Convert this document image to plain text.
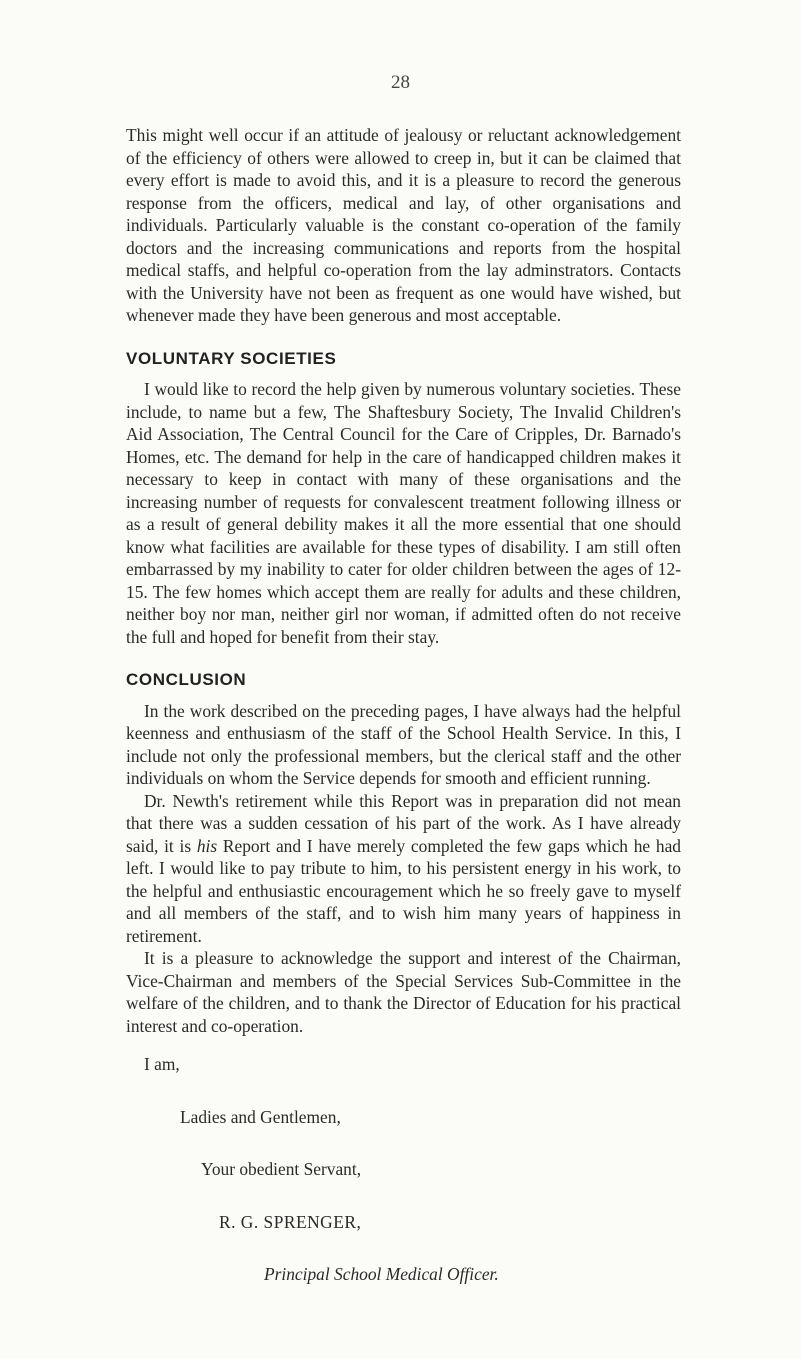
28

This might well occur if an attitude of jealousy or reluctant acknowledgement of the efficiency of others were allowed to creep in, but it can be claimed that every effort is made to avoid this, and it is a pleasure to record the generous response from the officers, medical and lay, of other organisations and individuals. Particularly valuable is the constant co-operation of the family doctors and the increasing communications and reports from the hospital medical staffs, and helpful co-operation from the lay adminstrators. Contacts with the University have not been as frequent as one would have wished, but whenever made they have been generous and most acceptable.

VOLUNTARY SOCIETIES

I would like to record the help given by numerous voluntary societies. These include, to name but a few, The Shaftesbury Society, The Invalid Children's Aid Association, The Central Council for the Care of Cripples, Dr. Barnado's Homes, etc. The demand for help in the care of handicapped children makes it necessary to keep in contact with many of these organisations and the increasing number of requests for convalescent treatment following illness or as a result of general debility makes it all the more essential that one should know what facilities are available for these types of disability. I am still often embarrassed by my inability to cater for older children between the ages of 12-15. The few homes which accept them are really for adults and these children, neither boy nor man, neither girl nor woman, if admitted often do not receive the full and hoped for benefit from their stay.

CONCLUSION

In the work described on the preceding pages, I have always had the helpful keenness and enthusiasm of the staff of the School Health Service. In this, I include not only the professional members, but the clerical staff and the other individuals on whom the Service depends for smooth and efficient running.

Dr. Newth's retirement while this Report was in preparation did not mean that there was a sudden cessation of his part of the work. As I have already said, it is his Report and I have merely completed the few gaps which he had left. I would like to pay tribute to him, to his persistent energy in his work, to the helpful and enthusiastic encouragement which he so freely gave to myself and all members of the staff, and to wish him many years of happiness in retirement.

It is a pleasure to acknowledge the support and interest of the Chairman, Vice-Chairman and members of the Special Services Sub-Committee in the welfare of the children, and to thank the Director of Education for his practical interest and co-operation.

I am,
Ladies and Gentlemen,
Your obedient Servant,
R. G. SPRENGER,
Principal School Medical Officer.
